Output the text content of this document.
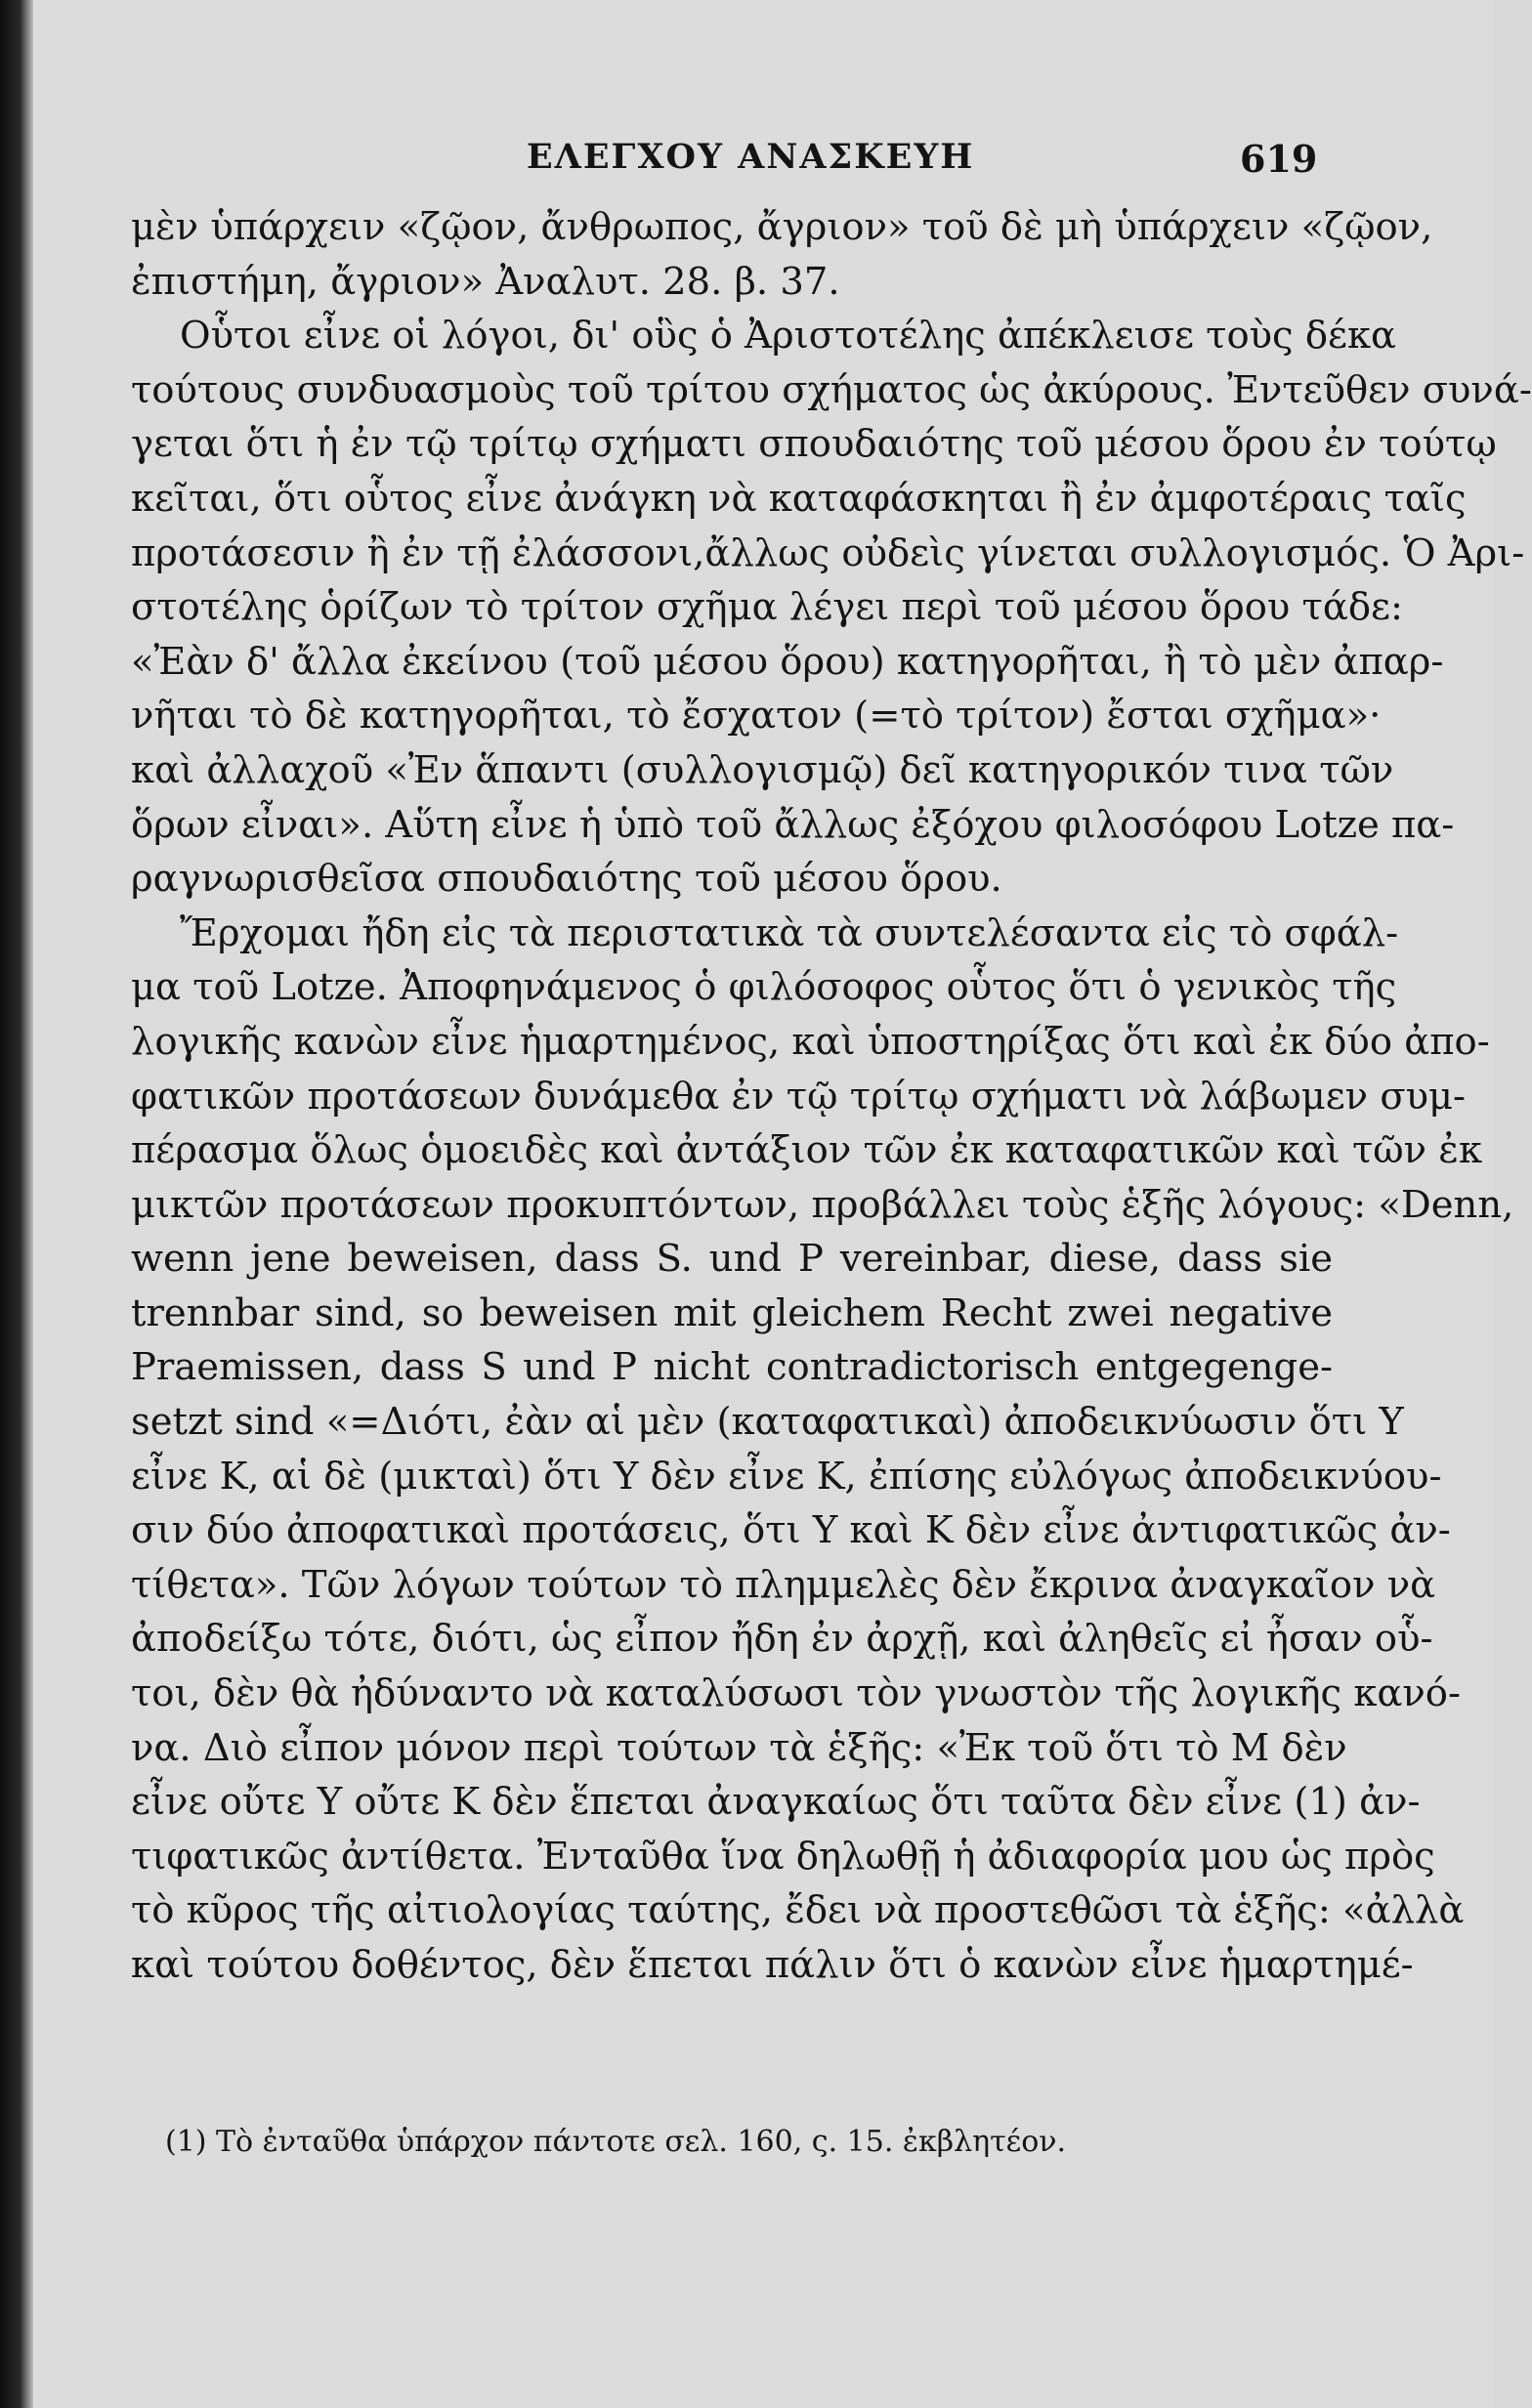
ΕΛΕΓΧΟΥ ΑΝΑΣΚΕΥΗ	619
μὲν ὑπάρχειν «ζῷον, ἄνθρωπος, ἄγριον» τοῦ δὲ μὴ ὑπάρχειν «ζῷον,
ἐπιστήμη, ἄγριον» Ἀναλυτ. 28. β. 37.
Οὗτοι εἶνε οἱ λόγοι, δι' οὓς ὁ Ἀριστοτέλης ἀπέκλεισε τοὺς δέκα
τούτους συνδυασμοὺς τοῦ τρίτου σχήματος ὡς ἀκύρους. Ἐντεῦθεν συνά-
γεται ὅτι ἡ ἐν τῷ τρίτῳ σχήματι σπουδαιότης τοῦ μέσου ὅρου ἐν τούτῳ
κεῖται, ὅτι οὗτος εἶνε ἀνάγκη νὰ καταφάσκηται ἢ ἐν ἀμφοτέραις ταῖς
προτάσεσιν ἢ ἐν τῇ ἐλάσσονι,ἄλλως οὐδεὶς γίνεται συλλογισμός. Ὁ Ἀρι-
στοτέλης ὁρίζων τὸ τρίτον σχῆμα λέγει περὶ τοῦ μέσου ὅρου τάδε:
«Ἐὰν δ' ἄλλα ἐκείνου (τοῦ μέσου ὅρου) κατηγορῆται, ἢ τὸ μὲν ἀπαρ-
νῆται τὸ δὲ κατηγορῆται, τὸ ἔσχατον (=τὸ τρίτον) ἔσται σχῆμα»·
καὶ ἀλλαχοῦ «Ἐν ἅπαντι (συλλογισμῷ) δεῖ κατηγορικόν τινα τῶν
ὅρων εἶναι». Αὕτη εἶνε ἡ ὑπὸ τοῦ ἄλλως ἐξόχου φιλοσόφου Lotze πα-
ραγνωρισθεῖσα σπουδαιότης τοῦ μέσου ὅρου.
Ἔρχομαι ἤδη εἰς τὰ περιστατικὰ τὰ συντελέσαντα εἰς τὸ σφάλ-
μα τοῦ Lotze. Ἀποφηνάμενος ὁ φιλόσοφος οὗτος ὅτι ὁ γενικὸς τῆς
λογικῆς κανὼν εἶνε ἡμαρτημένος, καὶ ὑποστηρίξας ὅτι καὶ ἐκ δύο ἀπο-
φατικῶν προτάσεων δυνάμεθα ἐν τῷ τρίτῳ σχήματι νὰ λάβωμεν συμ-
πέρασμα ὅλως ὁμοειδὲς καὶ ἀντάξιον τῶν ἐκ καταφατικῶν καὶ τῶν ἐκ
μικτῶν προτάσεων προκυπτόντων, προβάλλει τοὺς ἑξῆς λόγους: «Denn,
wenn jene beweisen, dass S. und P vereinbar, diese, dass sie
trennbar sind, so beweisen mit gleichem Recht zwei negative
Praemissen, dass S und P nicht contradictorisch entgegenge-
setzt sind «=Διότι, ἐὰν αἱ μὲν (καταφατικαὶ) ἀποδεικνύωσιν ὅτι Υ
εἶνε Κ, αἱ δὲ (μικταὶ) ὅτι Υ δὲν εἶνε Κ, ἐπίσης εὐλόγως ἀποδεικνύου-
σιν δύο ἀποφατικαὶ προτάσεις, ὅτι Υ καὶ Κ δὲν εἶνε ἀντιφατικῶς ἀν-
τίθετα». Τῶν λόγων τούτων τὸ πλημμελὲς δὲν ἔκρινα ἀναγκαῖον νὰ
ἀποδείξω τότε, διότι, ὡς εἶπον ἤδη ἐν ἀρχῇ, καὶ ἀληθεῖς εἰ ἦσαν οὗ-
τοι, δὲν θὰ ἠδύναντο νὰ καταλύσωσι τὸν γνωστὸν τῆς λογικῆς κανό-
να. Διὸ εἶπον μόνον περὶ τούτων τὰ ἑξῆς: «Ἐκ τοῦ ὅτι τὸ Μ δὲν
εἶνε οὔτε Υ οὔτε Κ δὲν ἕπεται ἀναγκαίως ὅτι ταῦτα δὲν εἶνε (1) ἀν-
τιφατικῶς ἀντίθετα. Ἐνταῦθα ἵνα δηλωθῇ ἡ ἀδιαφορία μου ὡς πρὸς
τὸ κῦρος τῆς αἰτιολογίας ταύτης, ἔδει νὰ προστεθῶσι τὰ ἑξῆς: «ἀλλὰ
καὶ τούτου δοθέντος, δὲν ἕπεται πάλιν ὅτι ὁ κανὼν εἶνε ἡμαρτημέ-
(1) Τὸ ἐνταῦθα ὑπάρχον πάντοτε σελ. 160, ς. 15. ἐκβλητέον.
